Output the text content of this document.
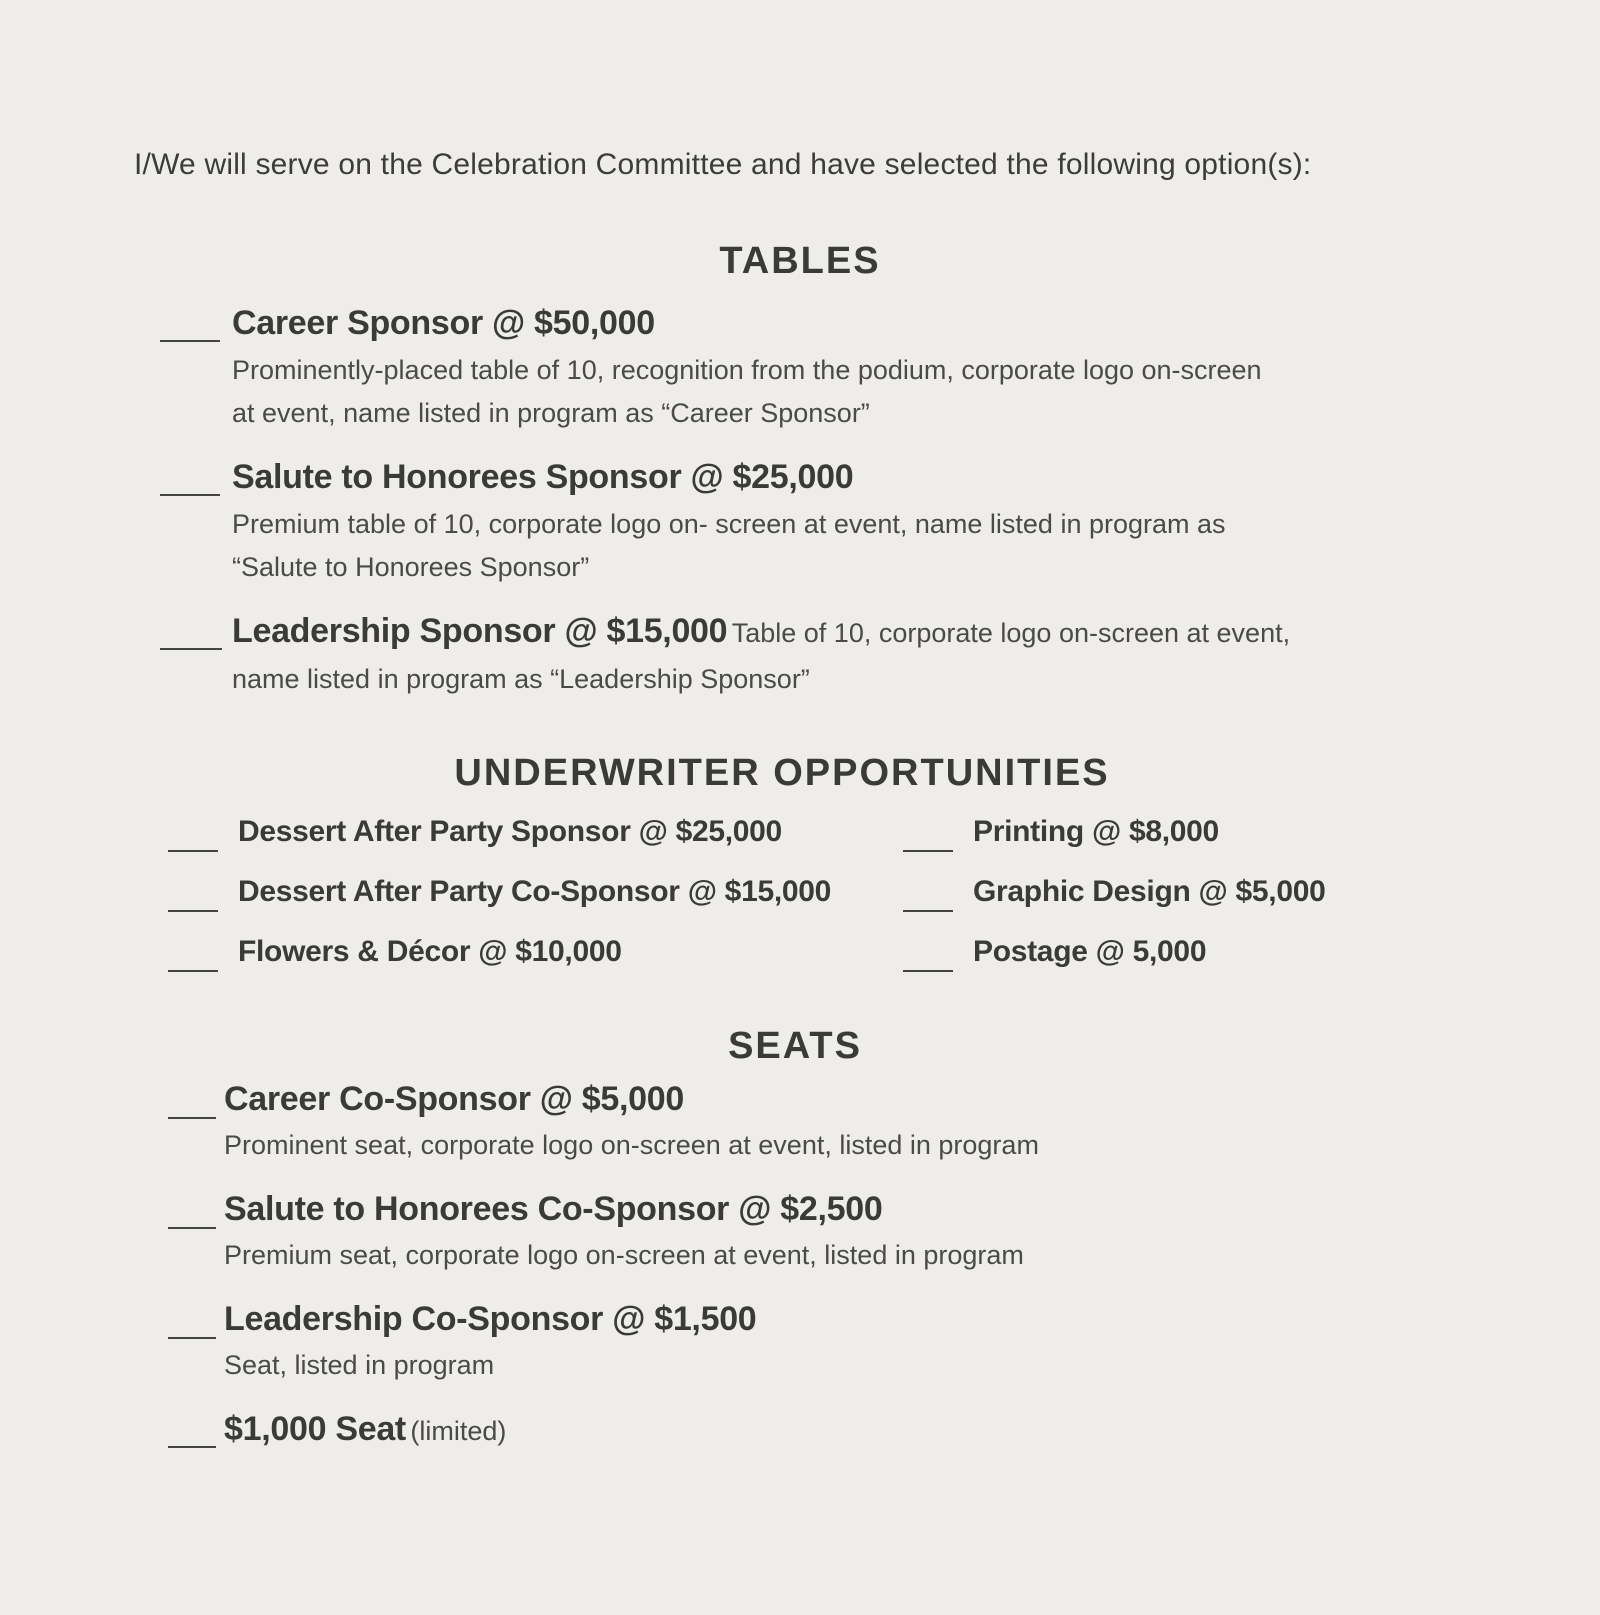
I/We will serve on the Celebration Committee and have selected the following option(s):
TABLES
Career Sponsor @ $50,000
Prominently-placed table of 10, recognition from the podium, corporate logo on-screen
at event, name listed in program as “Career Sponsor”
Salute to Honorees Sponsor @ $25,000
Premium table of 10, corporate logo on- screen at event, name listed in program as
“Salute to Honorees Sponsor”
Leadership Sponsor @ $15,000 Table of 10, corporate logo on-screen at event,
name listed in program as “Leadership Sponsor”
UNDERWRITER OPPORTUNITIES
Dessert After Party Sponsor @ $25,000
Dessert After Party Co-Sponsor @ $15,000
Flowers & Décor @ $10,000
Printing @ $8,000
Graphic Design @ $5,000
Postage @ 5,000
SEATS
Career Co-Sponsor @ $5,000
Prominent seat, corporate logo on-screen at event, listed in program
Salute to Honorees Co-Sponsor @ $2,500
Premium seat, corporate logo on-screen at event, listed in program
Leadership Co-Sponsor @ $1,500
Seat, listed in program
$1,000 Seat (limited)
